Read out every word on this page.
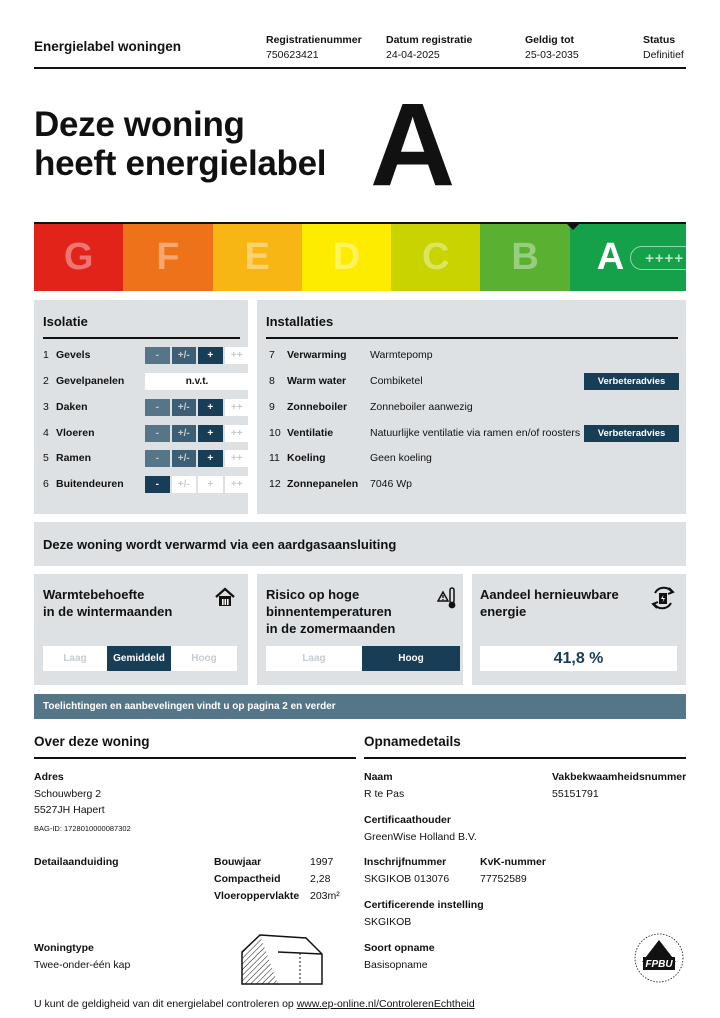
Energielabel woningen	Registratienummer
750623421
Datum registratie
24-04-2025
Geldig tot
25-03-2035
Status
Definitief
Deze woning
heeft energielabel A
G F E D C B A	++++
Isolatie
1 Gevels	-	+/-	+	++
2 Gevelpanelen	n.v.t.
3 Daken	-	+/-	+	++
4 Vloeren	-	+/-	+	++
5 Ramen	-	+/-	+	++
6 Buitendeuren	-	+/-	+	++
Installaties
7	Verwarming	Warmtepomp
8	Warm water	Combiketel	Verbeteradvies
9	Zonneboiler	Zonneboiler aanwezig
10 Ventilatie	Natuurlijke ventilatie via ramen en/of roosters	Verbeteradvies
11 Koeling	Geen koeling
12 Zonnepanelen	7046 Wp
Deze woning wordt verwarmd via een aardgasaansluiting
Warmtebehoefte
in de wintermaanden
Laag	Gemiddeld	Hoog
Risico op hoge
binnentemperaturen
in de zomermaanden
Laag	Hoog
Aandeel hernieuwbare
energie
41,8 %
Toelichtingen en aanbevelingen vindt u op pagina 2 en verder
Over deze woning
Adres
Schouwberg 2
5527JH Hapert
BAG-ID: 1728010000087302
Detailaanduiding	Bouwjaar	1997
Compactheid	2,28
Vloeroppervlakte 203m²
Woningtype
Twee-onder-één kap
Opnamedetails
Naam
R te Pas
Vakbekwaamheidsnummer
55151791
Certificaathouder
GreenWise Holland B.V.
Inschrijfnummer
SKGIKOB 013076
KvK-nummer
77752589
Certificerende instelling
SKGIKOB
Soort opname
Basisopname	FPBU
U kunt de geldigheid van dit energielabel controleren op www.ep-online.nl/ControlerenEchtheid
